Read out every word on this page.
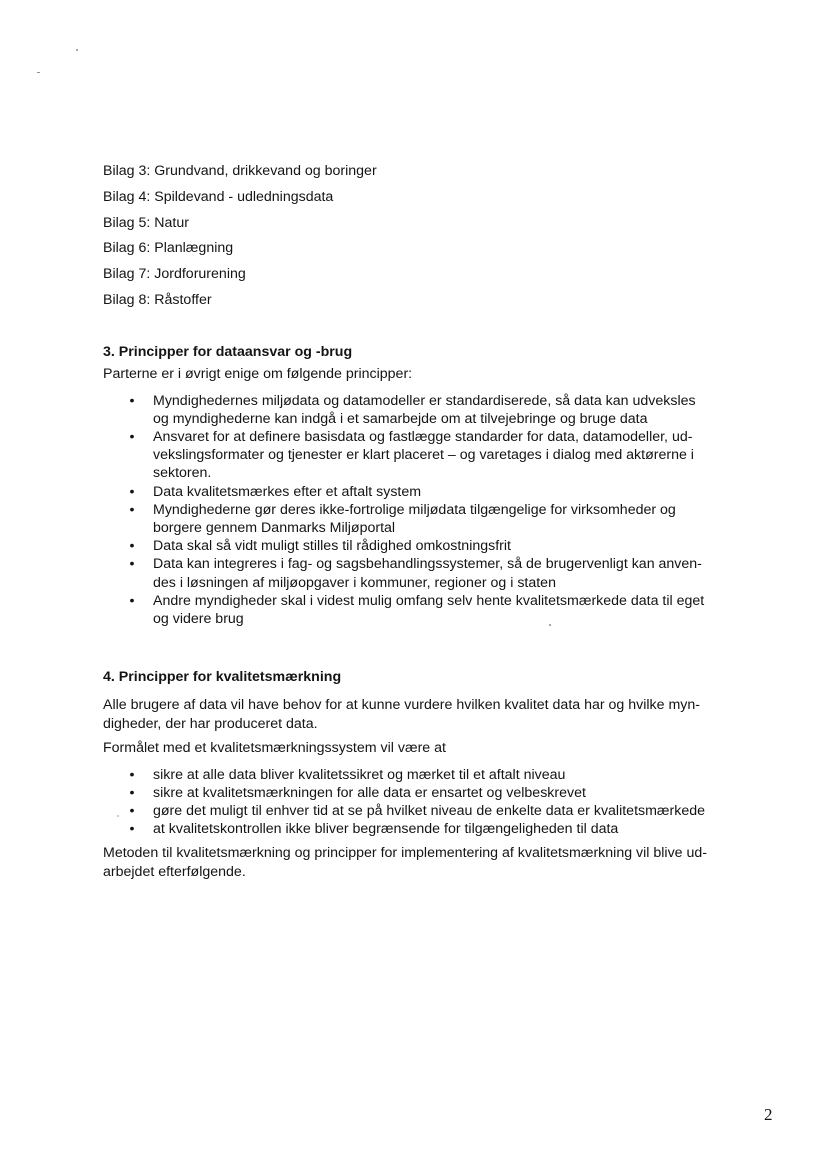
Bilag 3: Grundvand, drikkevand og boringer
Bilag 4: Spildevand - udledningsdata
Bilag 5: Natur
Bilag 6: Planlægning
Bilag 7: Jordforurening
Bilag 8: Råstoffer
3. Principper for dataansvar og -brug

Parterne er i øvrigt enige om følgende principper:

• Myndighedernes miljødata og datamodeller er standardiserede, så data kan udveksles
og myndighederne kan indgå i et samarbejde om at tilvejebringe og bruge data
• Ansvaret for at definere basisdata og fastlægge standarder for data, datamodeller, ud-
vekslingsformater og tjenester er klart placeret – og varetages i dialog med aktørerne i
sektoren.
• Data kvalitetsmærkes efter et aftalt system
• Myndighederne gør deres ikke-fortrolige miljødata tilgængelige for virksomheder og
borgere gennem Danmarks Miljøportal
• Data skal så vidt muligt stilles til rådighed omkostningsfrit
• Data kan integreres i fag- og sagsbehandlingssystemer, så de brugervenligt kan anven-
des i løsningen af miljøopgaver i kommuner, regioner og i staten
• Andre myndigheder skal i videst mulig omfang selv hente kvalitetsmærkede data til eget
og videre brug
4. Principper for kvalitetsmærkning

Alle brugere af data vil have behov for at kunne vurdere hvilken kvalitet data har og hvilke myn-
digheder, der har produceret data.

Formålet med et kvalitetsmærkningssystem vil være at

• sikre at alle data bliver kvalitetssikret og mærket til et aftalt niveau
• sikre at kvalitetsmærkningen for alle data er ensartet og velbeskrevet
• gøre det muligt til enhver tid at se på hvilket niveau de enkelte data er kvalitetsmærkede
• at kvalitetskontrollen ikke bliver begrænsende for tilgængeligheden til data

Metoden til kvalitetsmærkning og principper for implementering af kvalitetsmærkning vil blive ud-
arbejdet efterfølgende.

2
